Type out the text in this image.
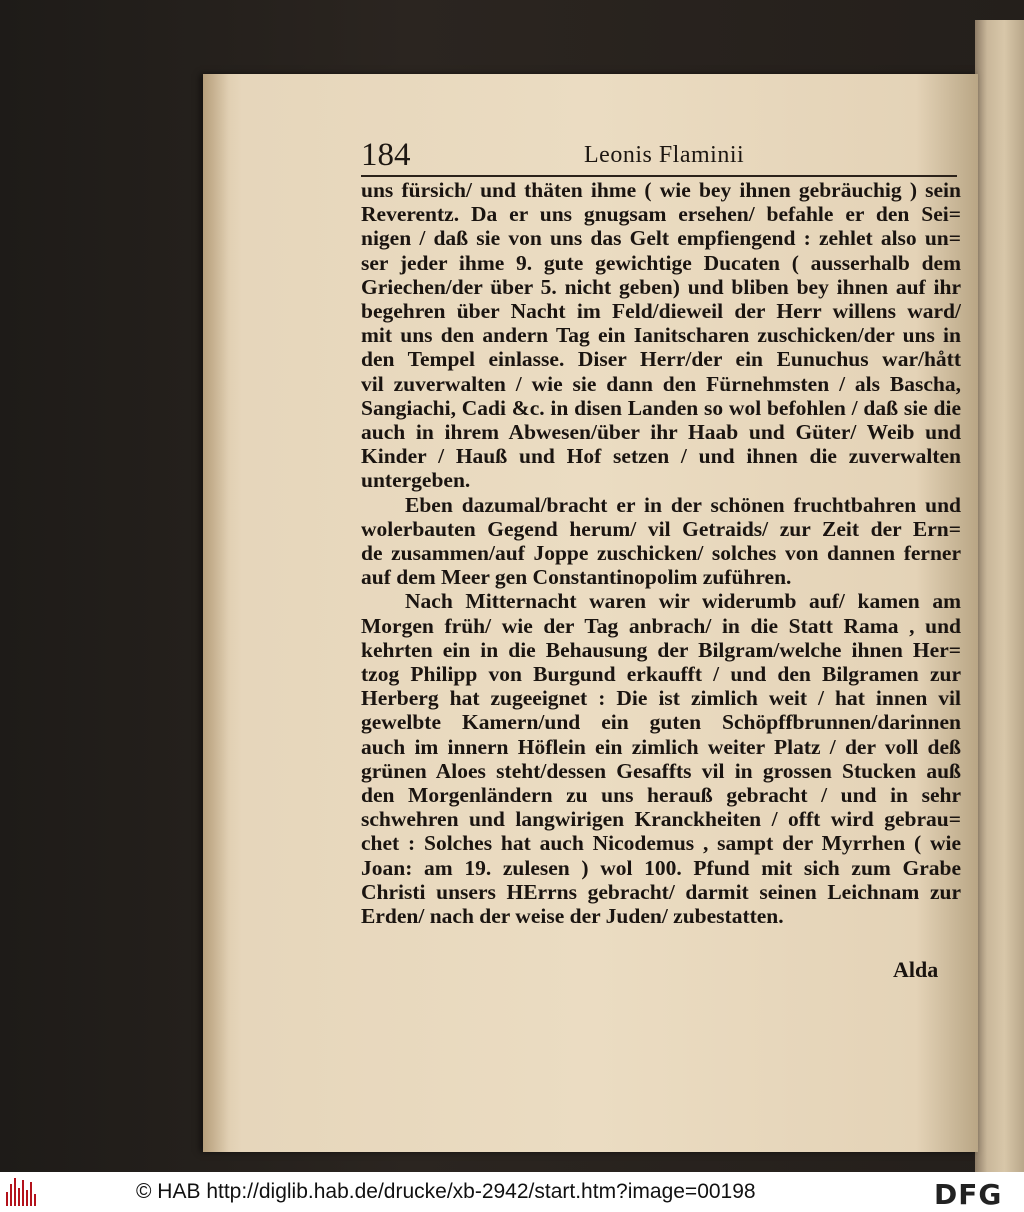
184	Leonis Flaminii
uns fürsich/ und thäten ihme ( wie bey ihnen gebräuchig ) sein
Reverentz. Da er uns gnugsam ersehen/ befahle er den Sei=
nigen / daß sie von uns das Gelt empfiengend : zehlet also un=
ser jeder ihme 9. gute gewichtige Ducaten ( ausserhalb dem
Griechen/der über 5. nicht geben) und bliben bey ihnen auf ihr
begehren über Nacht im Feld/dieweil der Herr willens ward/
mit uns den andern Tag ein Ianitscharen zuschicken/der uns in
den Tempel einlasse. Diser Herr/der ein Eunuchus war/hått
vil zuverwalten / wie sie dann den Fürnehmsten / als Bascha,
Sangiachi, Cadi &c. in disen Landen so wol befohlen / daß sie die
auch in ihrem Abwesen/über ihr Haab und Güter/ Weib und
Kinder / Hauß und Hof setzen / und ihnen die zuverwalten
untergeben.
Eben dazumal/bracht er in der schönen fruchtbahren und
wolerbauten Gegend herum/ vil Getraids/ zur Zeit der Ern=
de zusammen/auf Joppe zuschicken/ solches von dannen ferner
auf dem Meer gen Constantinopolim zuführen.
Nach Mitternacht waren wir widerumb auf/ kamen am
Morgen früh/ wie der Tag anbrach/ in die Statt Rama , und
kehrten ein in die Behausung der Bilgram/welche ihnen Her=
tzog Philipp von Burgund erkaufft / und den Bilgramen zur
Herberg hat zugeeignet : Die ist zimlich weit / hat innen vil
gewelbte Kamern/und ein guten Schöpffbrunnen/darinnen
auch im innern Höflein ein zimlich weiter Platz / der voll deß
grünen Aloes steht/dessen Gesaffts vil in grossen Stucken auß
den Morgenländern zu uns herauß gebracht / und in sehr
schwehren und langwirigen Kranckheiten / offt wird gebrau=
chet : Solches hat auch Nicodemus , sampt der Myrrhen ( wie
Joan: am 19. zulesen ) wol 100. Pfund mit sich zum Grabe
Christi unsers HErrns gebracht/ darmit seinen Leichnam zur
Erden/ nach der weise der Juden/ zubestatten.
Alda
© HAB http://diglib.hab.de/drucke/xb-2942/start.htm?image=00198	DFG
